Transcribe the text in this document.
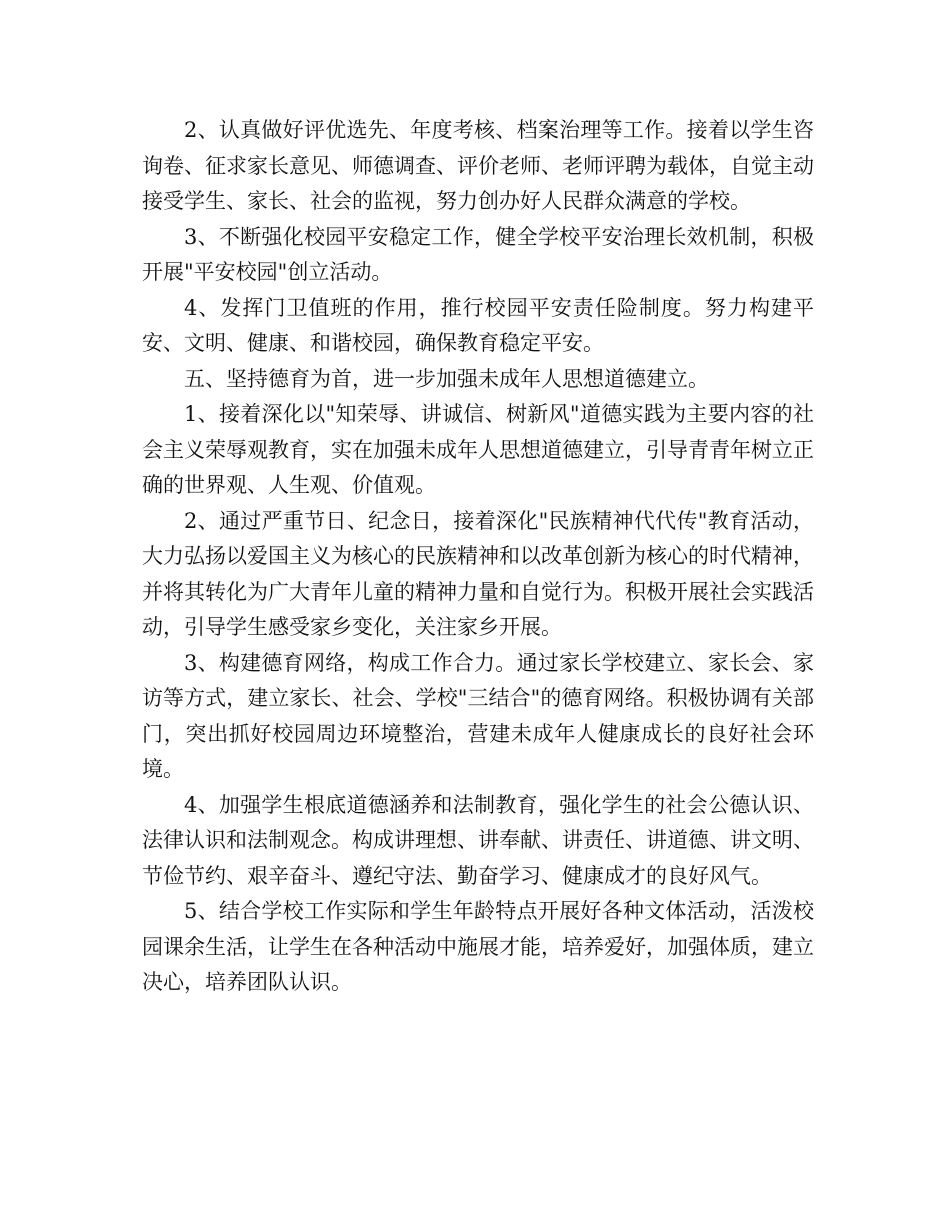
2、认真做好评优选先、年度考核、档案治理等工作。接着以学生咨询卷、征求家长意见、师德调查、评价老师、老师评聘为载体，自觉主动接受学生、家长、社会的监视，努力创办好人民群众满意的学校。

3、不断强化校园平安稳定工作，健全学校平安治理长效机制，积极开展"平安校园"创立活动。

4、发挥门卫值班的作用，推行校园平安责任险制度。努力构建平安、文明、健康、和谐校园，确保教育稳定平安。

五、坚持德育为首，进一步加强未成年人思想道德建立。

1、接着深化以"知荣辱、讲诚信、树新风"道德实践为主要内容的社会主义荣辱观教育，实在加强未成年人思想道德建立，引导青青年树立正确的世界观、人生观、价值观。

2、通过严重节日、纪念日，接着深化"民族精神代代传"教育活动，大力弘扬以爱国主义为核心的民族精神和以改革创新为核心的时代精神，并将其转化为广大青年儿童的精神力量和自觉行为。积极开展社会实践活动，引导学生感受家乡变化，关注家乡开展。

3、构建德育网络，构成工作合力。通过家长学校建立、家长会、家访等方式，建立家长、社会、学校"三结合"的德育网络。积极协调有关部门，突出抓好校园周边环境整治，营建未成年人健康成长的良好社会环境。

4、加强学生根底道德涵养和法制教育，强化学生的社会公德认识、法律认识和法制观念。构成讲理想、讲奉献、讲责任、讲道德、讲文明、节俭节约、艰辛奋斗、遵纪守法、勤奋学习、健康成才的良好风气。

5、结合学校工作实际和学生年龄特点开展好各种文体活动，活泼校园课余生活，让学生在各种活动中施展才能，培养爱好，加强体质，建立决心，培养团队认识。
